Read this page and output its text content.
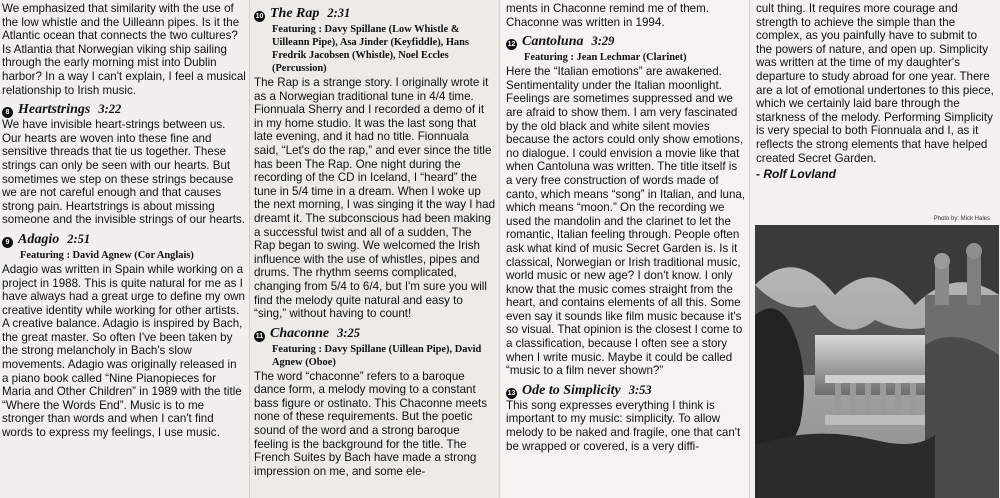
We emphasized that similarity with the use of the low whistle and the Uilleann pipes. Is it the Atlantic ocean that connects the two cultures? Is Atlantia that Norwegian viking ship sailing through the early morning mist into Dublin harbor? In a way I can't explain, I feel a musical relationship to Irish music.

8 Heartstrings 3:22

We have invisible heart-strings between us. Our hearts are woven into these fine and sensitive threads that tie us together. These strings can only be seen with our hearts. But sometimes we step on these strings because we are not careful enough and that causes strong pain. Heartstrings is about missing someone and the invisible strings of our hearts.

9 Adagio 2:51
Featuring : David Agnew (Cor Anglais)

Adagio was written in Spain while working on a project in 1988. This is quite natural for me as I have always had a great urge to define my own creative identity while working for other artists. A creative balance. Adagio is inspired by Bach, the great master. So often I've been taken by the strong melancholy in Bach's slow movements. Adagio was originally released in a piano book called “Nine Pianopieces for Maria and Other Children” in 1989 with the title “Where the Words End”. Music is to me stronger than words and when I can't find words to express my feelings, I use music.

10 The Rap 2:31
Featuring : Davy Spillane (Low Whistle & Uilleann Pipe), Asa Jinder (Keyfiddle), Hans Fredrik Jacobsen (Whistle), Noel Eccles (Percussion)

The Rap is a strange story. I originally wrote it as a Norwegian traditional tune in 4/4 time. Fionnuala Sherry and I recorded a demo of it in my home studio. It was the last song that late evening, and it had no title. Fionnuala said, “Let's do the rap,” and ever since the title has been The Rap. One night during the recording of the CD in Iceland, I “heard” the tune in 5/4 time in a dream. When I woke up the next morning, I was singing it the way I had dreamt it. The subconscious had been making a successful twist and all of a sudden, The Rap began to swing. We welcomed the Irish influence with the use of whistles, pipes and drums. The rhythm seems complicated, changing from 5/4 to 6/4, but I'm sure you will find the melody quite natural and easy to “sing,” without having to count!

11 Chaconne 3:25
Featuring : Davy Spillane (Uillean Pipe), David Agnew (Oboe)

The word “chaconne” refers to a baroque dance form, a melody moving to a constant bass figure or ostinato. This Chaconne meets none of these requirements. But the poetic sound of the word and a strong baroque feeling is the background for the title. The French Suites by Bach have made a strong impression on me, and some ele-

ments in Chaconne remind me of them. Chaconne was written in 1994.

12 Cantoluna 3:29
Featuring : Jean Lechmar (Clarinet)

Here the “Italian emotions” are awakened. Sentimentality under the Italian moonlight. Feelings are sometimes suppressed and we are afraid to show them. I am very fascinated by the old black and white silent movies because the actors could only show emotions, no dialogue. I could envision a movie like that when Cantoluna was written. The title itself is a very free construction of words made of canto, which means “song” in Italian, and luna, which means “moon.” On the recording we used the mandolin and the clarinet to let the romantic, Italian feeling through. People often ask what kind of music Secret Garden is. Is it classical, Norwegian or Irish traditional music, world music or new age? I don't know. I only know that the music comes straight from the heart, and contains elements of all this. Some even say it sounds like film music because it's so visual. That opinion is the closest I come to a classification, because I often see a story when I write music. Maybe it could be called “music to a film never shown?”

13 Ode to Simplicity 3:53

This song expresses everything I think is important to my music: simplicity. To allow melody to be naked and fragile, one that can't be wrapped or covered, is a very diffi-

cult thing. It requires more courage and strength to achieve the simple than the complex, as you painfully have to submit to the powers of nature, and open up. Simplicity was written at the time of my daughter's departure to study abroad for one year. There are a lot of emotional undertones to this piece, which we certainly laid bare through the starkness of the melody. Performing Simplicity is very special to both Fionnuala and I, as it reflects the strong elements that have helped created Secret Garden.

- Rolf Lovland
Photo by: Mick Hales
